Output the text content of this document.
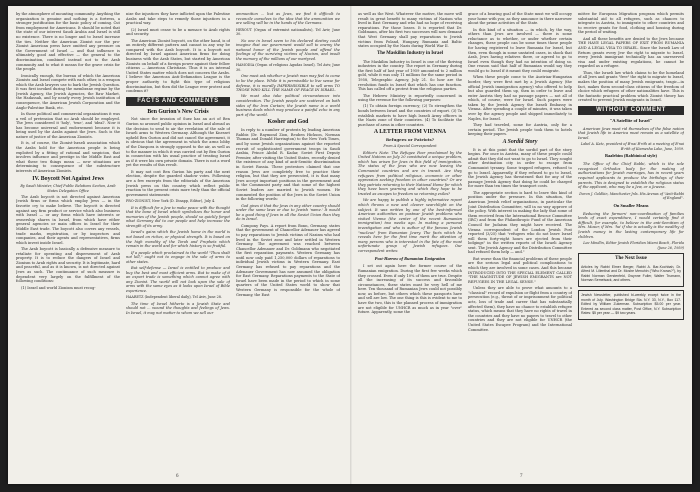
by the atmosphere of mounting community. Anything the organization is genuine and nothing is a fortress, a stronger justification for the basic policy of coming. Cut from employment for Americans. It should be noted that the state of our interest Saudi Arabia and Israel is still no existence. There is no longer and to Israel increase the ties. Neither the American Zionist nor the pro-Zionist American press have omitted any pressure on the Government of Israel — and that influence is ultimately good and effective — the general to the discrimination, combined instead not to the Arab community and to what it means for the grave crisis for the people.

Ironically enough, the bureau of which the American Zionists and Israel compete with each other, is a weapon which the Arab lawyers use to bark the Jewish Question. It was first invoked during the membrane regime by the Jewish Agency, the Jewish Agencies, the Raw Market, the Hadassah, and by nearly every Jewish institution of consequence, the American Jewish Corporation and the Anglo-Palestine Bank, etc.

In those political and commercial organizations it was a veil of pretension that no Arab should be employed. The Jews considered it 'holy', 'true', and 'ideal'. Now it has become universal and endorsement because it is being used by the Arabs against the Jews. Such is the nature of justice of the American Zionists.

It is, of course, the Zionist-Israeli association which the Arabs hold for the American people is being exploited by a fitting of rational and suspicion, that involves influence and prestige in the Middle East and what these two things mean — new situations are determining to consequence of the substructure interests of American Zionists.

IV. Boycott Not Against Jews
By Saudi Minister, Chief Public Relations Section, Arab States Delegation Office

The Arab boycott is not directed against American Jewish firms or firms which employ Jews — in the favorite cry to make believe. The boycott is directed against any firm product or service which also business with Israel — or any firms which have interests or ownership shares in Israel, from which have either general agencies or main offices in Israel for their Middle East trade. The boycott also covers any vessels, trade marks, registration, or by inspectors and companies, and their agents and representatives, firms which invest inside Israel.

The Arab boycott is basically a defensive measure to retaliate for operating and dispersement of Arab property. It is to reduce the dangers of Israel and Zionism to Arab rights and security. It is legitimate, hard and peaceful, and as it is known, is not directed against Jews as such. The continuance of such measure is dependent very largely on the fulfillment of the following conditions:

(1) Israel and world Zionism must recog-

nize the injustices they have inflicted upon the Palestine Arabs and take steps to remedy those injustices in a practical way.

(2) Israel must cease to be a menace to Arab rights and security.

The American Zionist boycott, on the other hand, is of an entirely different pattern and cannot in any way be compared with the Arab boycott. It is a boycott not directed by Israel against American firms for doing business with the Arab States, but started by American Zionists on behalf of a foreign power against their fellow citizens — American Christians. Thus it is an internal United States matter which does not concern the Arabs. I believe the American Anti-Defamation League is the proper authority to fight this type of religious discrimination, but then did the League ever protest and condemn it?

FACTS AND COMMENTS
Ben Gurion's New Crisis

Not since the invasion of Suez has an act of Ben Gurion so aroused public opinion in Israel and abroad as the decision to send to air the revelation of the sale of Israeli arms to Western Germany. Although the Knesset upheld Ben Gurion and did not cancel the agreement, it is obvious that the agreement in which the arms lobby of the Diaspora is strongly opposed to the air, as well as to the manner in which it was carried out by Ben Gurion in connection with his usual practice of treating Israel as if it were his own private domain. There is not a word yet the results of this revolt.

It may not cost Ben Gurion his party and the next election, despite the guarded shadow votes. Following are a few excerpts from the editorials of the American Jewish press on this country which reflect public reaction to the present crisis more truly than the official government statements:

PRO-ZIONIST, New York (D. Dinapp, Editor), July 4.

It is difficult for a Jew to make peace with the thought that the bone of Israel which symbolizes the honor and memories of the Jewish people, should so quickly forget what Germany did to our people and help increase the strength of its army.

Israel's gains which the Jewish home in the world is not based on riches, or physical strength. It is based on the high morality of the Torah and Prophets which remain in the world and for which history is so fruitful.

If a people which proclaimed to the world "Thou shalt not kill," ought not to engage in the sale of arms to other states.

But self-defense — Israel is entitled to produce and buy the best and most efficient arms. But to make of it an export trade is something which cannot agree with any Zionist. The world will not look upon the sale of arms with the same eyes as it looks upon Israel of Bible experience.

HAARETZ (Independent liberal daily), Tel Aviv, June 28.

The time of Israel hitherto is a Jewish State and should not ... wound the thoughts and feelings of Jews. In Israel, it may not matter to whom we sell our

ammunition ... but as Jews, we find it difficult to reconcile ourselves to the idea that the ammunition we are selling will be in the hands of the Germans.

HEROUT (Organ of extremist nationalists), Tel Aviv, June 30.

No one in Israel seem to his declared destiny could imagine that our government would sell to enemy the national honor of the Jewish people and offend the feelings of the surviving victims of Nazism, and insult the memory of the millions of our martyred.

HAMODIA (Organ of religious Agudas Israel), Tel Aviv, June 30.

One must ask whether a Jewish man may feel to come to be the place. While it is permissible to live sense for defense, it is morally IMPERMISSIBLE to sell arms TO THOSE WHO KILL THE NAME OF PEACE IN ISRAEL.

We must also take political circumstances into consideration. The Jewish people are scattered on both sides of the Iron Curtain; the Jewish name is a world business deals which may produce a painful echo in any part of the world.

Kosher and God

In reply to a number of protests by leading American Rabbis (Dr. Raymond Zion, Reuben Hickson, Norman Thomas and Donald Harrington) to the New York Times, and by some Jewish organizations against the reported recruit of sophisticated government troops in Saudi Arabia, Prince Abdul R. Kadar, Soviet First Deputy Premier, after visiting the United States, recently denied the existence of any kind of anti-Semitic discrimination in Soviet Russia. These protestors claimed that one reason Jews are completely free to practice their religion, but that they are persecuted, it is that many Jews accept important positions in the government and in the Communist party and that some of the highest Soviet leaders are married to Jewish women. He commented the position of the Jews in the Soviet Union in the following words:

God gives it that the Jews in any other country should under the same laws or due to Jewish 'name.' It would be a good thing if Jews in all the Soviet Union than they do in Israel.

Compony Pays. A report from Bonn, Germany, states that the government of Chancellor Adenauer has agreed to pay reparations to Jewish victims of Nazism who had lived in the Soviet zone and later settled in Western Germany. The agreement was reached between Chancellor Adenauer and Dr. Goldmann who negotiated the first reparation payments. Western Germany has until now only paid 1,250,000 dollars of reparations to individual Jewish victims in Western Germany. East Germany has refused to pay reparations and the Adenauer Government has now assumed the obligation for East Germany. Reparations payments to the State of Israel have been made in the period to which in some quarters of the United States world to show that Western Germany is responsible for the whole of Germany, the East

as well as the West. Whatever the motive, the move will result in great benefit to many victims of Nazism who lived in East Germany and who had no hope of receiving reparations. For those losses. It is reported that Dr. Goldmann, after his first two successes will now demand that West Germany shall pay reparations to Jewish victims from Poland, Hungary, Rumania and Baltic states occupied by the Nazis during World War II.

The Maskilim Industry in Israel

The Maskilim Industry in Israel is one of the thriving industries in the country. The report in Germany during the first half of last year of 1959 amounted to 2 million gold, while it was only 11 millions for the same period in 1958, Telegraphic Agency, July 21. So how are the revolution funds in Israel that which has one function. This has called off a protest from the religious parties.

The Hebrew Ministry is reportedly concerned in using the revenue for the following purposes:

(1) To obtain foreign currency; (2) To strengthen the bonds between Israel and the countries of export. (3) To establish markets to have high Israeli Army officers in the Nazis zone of their countries. (4) To facilitate the purchase of arms in other countries.

A LETTER FROM VIENNA
Refugees or Patriots?
From A Special Correspondent

Editor's Note: The Refugee Fear proclaimed by the United Nations on July 20 constituted a unique problem, which has arisen for Jews in this field of immigration. The status of the Jews who are now leaving the Communist countries and are in transit. Are they refugees from political religious, economic or other oppression seeking freedom in other countries? Or are they patriots returning to their National Home for which they have been yearning and which they hope to be trusted as escapes to freedom so returning exiles?

We are happy to publish a highly informative report which throws a new and clearer searchlight on the subject. It was written by one of the best-informed American authorities on postwar Jewish problems who visited Vienna (the center of the recent Rumanian immigration) two weeks ago. In making a personal investigation and who is author of the famous Jewish "nucleus" from Rumanian Jewry. The facts which he reveals here for the first time merit the attention of many persons who is interested in the fate of the most unfortunate group of Jewish refugees. Our correspondent writes:

Post-Harrow of Rumanian Emigration

I set out again here the former course of the Rumanian emigration. During the first few weeks which they crossed. Even if only 10% of them are true. Despite all the increasing of its success and favorable circumstances, these states must be very hell of me here. Ten thousand of Rumanian Jews could not possibly now, as before, but others which these passports have and sell are low. The one thing is this is evident to me to have the two, this is the planned process of immigration are not eligible for UNHCR as much as in year "over" future. Apparently, some the

grace of a bearing goal of the State must we will occupy your home with you; as they announce in there narrower about the prime activities of the State.

In this kind of a situation — in which, by the way, others than Jews are involved — there is some reluctance as to whether, or under whether certain changes, these people can be some times those people for having registered to leave Rumania for Israel, but then, even though in some unstated cases, in shock that Arab, Jews having relatives there, or agreed to go to Israel even though they had no intention of doing so. One reason said that half of Rumanian would say they would go to Israel if it meant they could emigrate.

When these people come to the Austrian-Hungarian border, they were first met by a Jewish Agency (the official Jewish immigration agency) who offered to help but also guarded them up, then in order to leave and enter Austria they had no passage papers — not all of which, of course, were for Israel. Such papers were taken by the Jewish Agency the Israeli Embassy in Vienna. After spending a couple of minutes, it was taken over by the agency people and shipped immediately to Naples, for Israel.

They had traveled, some for Austria, only for a certain period. The Jewish people took them to hotels keeping their papers.

A Sordid Story

It is at this point that the sordid part of the story begins. For once in Austria, many of these people could admit that they did not want to go to Israel. They sought other destination city in order to escape from Communist tyranny. Some trapped refugees, refused to go to Israel. Apparently, if they refused to go to Israel, the Jewish Agency has threatened that for any of the passage Jewish Agency that doing he could be charged for more than ten times the transport costs.

The appropriate section is hard to leave this kind of position under the pressure. In this situation, the American Jewish relief organizations, in particular the Joint Distribution Committee, will in no way approve of the policy. With interest in making the lady that some of them received from the International Rescue Committee (IRC) and from the Philanthropic Fund of the American Council for Judaism they might have received. The Vienna correspondent of the London Jewish Post reported (3/25) that "refugees who do not leave Israel will them forty-eight hours are ejected from their lodgings" in the written reports of the Israeli Agency sent. The Jewish Agency and the Distribution Committee had refused them help — and."

But worse than the financial problems of these people are the serious legal and political complications to which they are involved in some cases. And this became INTRODUCED INTO THE SPECIAL ELEMENT CALLED "THE MAGNITUDE OF JEWISH EMIGRANTS are NOT REFUGEES IN THE LEGAL SENSE."

Unless they are able to prove what amounts to a "classical" record of expulsion or flight from a country of persecution (e.g., threat of or imprisonment for political acts, loss of trade and career that has substantially affected them), they have no chance to establish refugee status, which means that they have no rights of travel in the countries and they have no papers to travel to other countries and they are not eligible for UNHCR (the United States Escapee Program) and the International Committee.

mittee for European Migration program which permits substantial aid to all refugees, such as chances to integrate in Austria, to immigrate to other countries and to receive grants for food, clothing and housing during the period of waiting.

And all these benefits are denied to the Jews because THE HAVE LEGAL PAPERS OF EXIT FROM RUMANIA AND A LEGAL VISA TO ISRAEL. Since the Israeli Law of Return grants every Jew the right to migrate to Israel, every Jewish immigrant technically has an unreserved visa and under existing regulations, he cannot be regarded as a refugee.

Thus, the Israeli law which claims to be the homeland of all Jews and grants "free" the right to migrate to Israel, makes the position of many Jewish emigrants, tragic—in fact, makes them second-class citizens of the freedom of choice which refugees of other nationalities have. This is the fantastic practical problem which Zionist theory has created to prevent Jewish emigrants in Israel.

WITHOUT COMMENT
"A Satellite of Israel"

American Jews must rid themselves of the false notion that Jewish life in America must remain as a satellite of Israel.

Label A. Katz, president of B'nai B'rith at a meeting of B'nai B'rith of Kiamesha Lake, June, 1959.
Baalebim (Rabbinical style)

The Office of the Chief Rabbi, which is the sole recognized Orthodox body for the making of authorizations for Jewish marriages, has in recent years required applicants to produce the birthdays of their parents. This is designed to establish the religious status of the applicant, who may be a Jew, or a Jewess.

Doron J. Goldkin, Manchester Jnls. His Arenas of "Anti-Rabbi of England".
On Smaller Means

Reducing the farmers' non-coordination of families lends of exact expenditure, I would certainly find it difficult, for example, to believe in the anti-Semitism of Mrs. Moser, if Mrs. 'ha' if she is actually is the wealthy of Jewish money in the lasting contemporary life for children.

Lee Mindlin, Editor Jewish Floridian Miami Beach, Florida (June 26, 1959)
The Next Issue

Articles by Rabbi Elmer Berger, Rabbi A. Bar-Kochbah, Dr. Alfred M. Lilienthal and Dr. Moshe Menuhin ("Who Knows?"), by Rabbi Norman Gerstenfeld, Gwynne Fuller, Walter Trumann, Norman Semelsack, and others.

Jewish Newsletter, published bi-weekly except twice in the month of July. Washington Bridge Sta. N.Y. 33, N.Y., Box 117. Edited by William Zukerman. Subscription $5.00 per year. Entered as second class matter, Post Office, N.Y. Subscription Rates: $5 per year — $9 two years.

6	7
